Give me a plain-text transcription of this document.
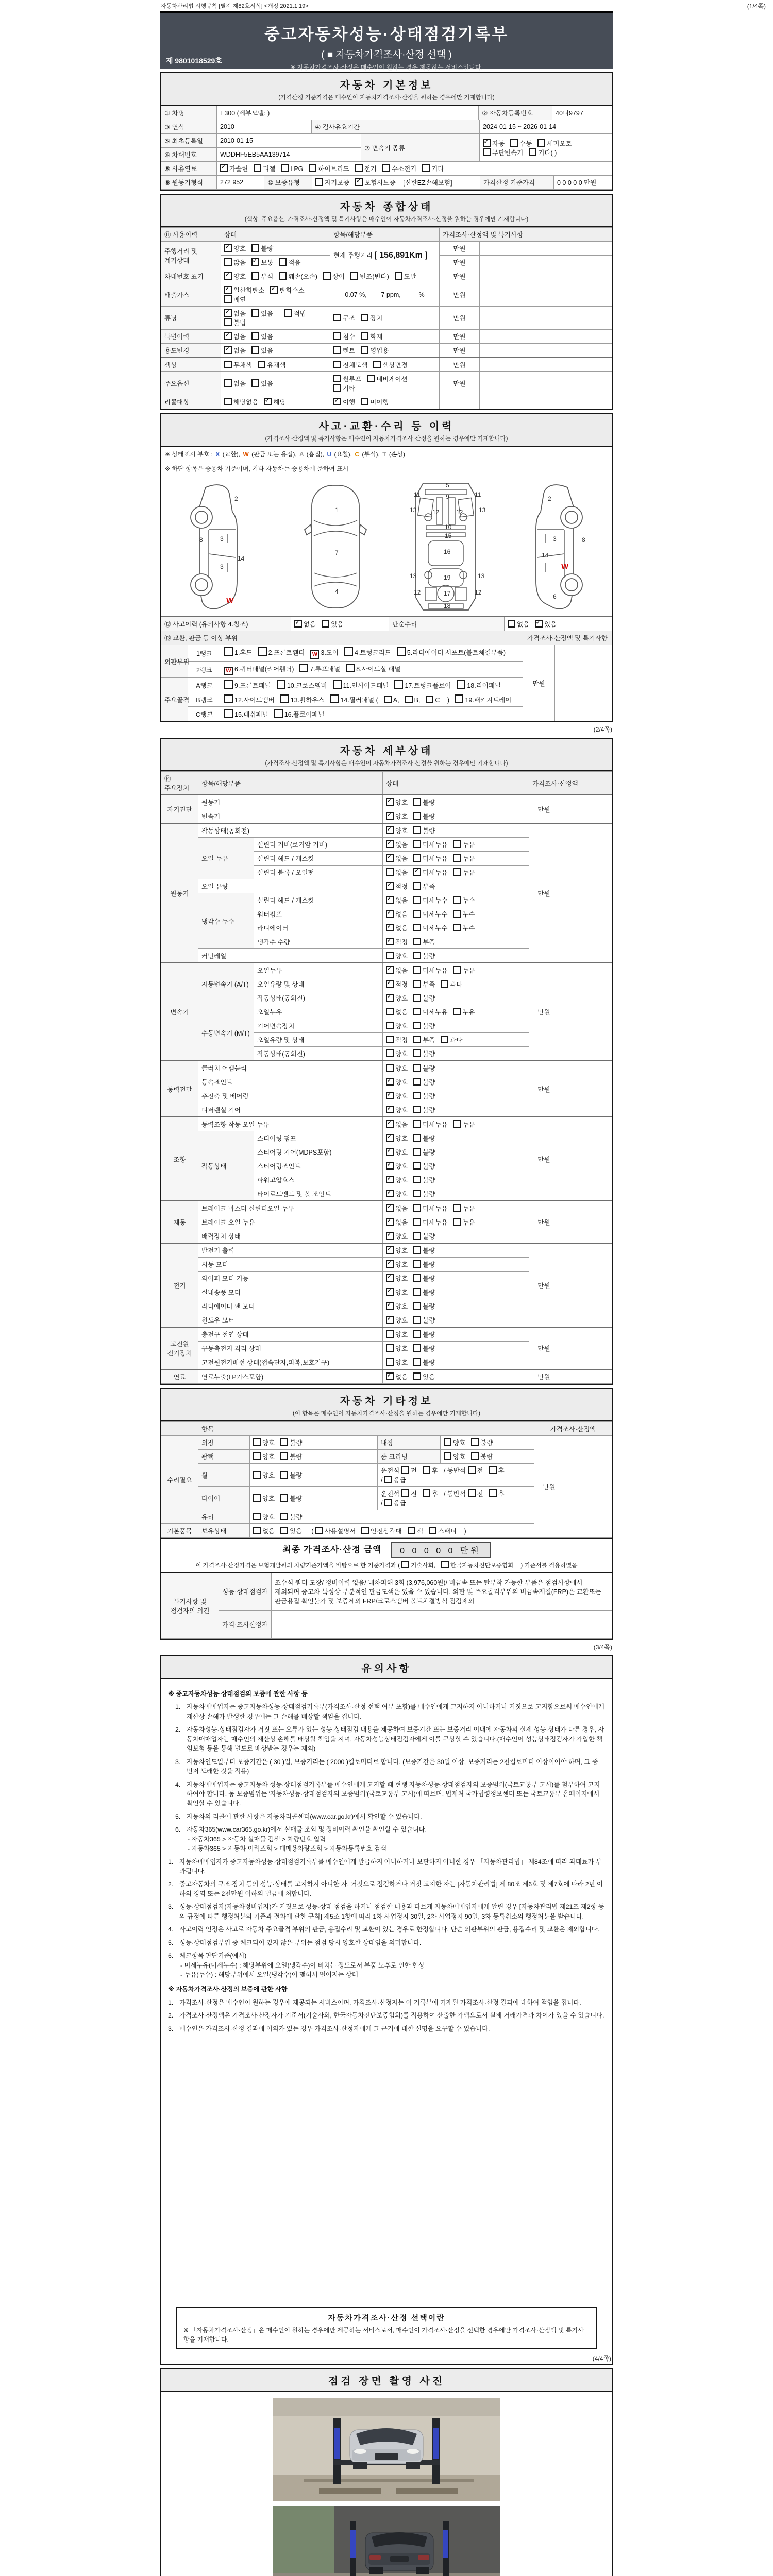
자동차관리법 시행규칙 [별지 제82호서식] <개정 2021.1.19>	(1/4쪽)
중고자동차성능·상태점검기록부
( ■ 자동차가격조사·산정 선택 )
※ 자동차가격조사·산정은 매수인이 원하는 경우 제공하는 서비스입니다.
제 9801018529호
자동차 기본정보
(가격산정 기준가격은 매수인이 자동차가격조사·산정을 원하는 경우에만 기재합니다)
① 차명	E300 (세부모델: )	② 자동차등록번호	40너9797
③ 연식	2010	④ 검사유효기간	2024-01-15 ~ 2026-01-14
⑤ 최초등록일	2010-01-15	⑦ 변속기 종류	✓자동 수동 세미오토무단변속기 기타( )
⑥ 차대번호	WDDHF5EB5AA139714		
⑧ 사용연료	✓가솔린 디젤 LPG 하이브리드 전기 수소전기 기타
⑨ 원동기형식	272 952	⑩ 보증유형	자기보증 ✓ 보험사보증 [신한EZ손해보험]	가격산정 기준가격	0 0 0 0 0 만원
자동차 종합상태
(색상, 주요옵션, 가격조사·산정액 및 특기사항은 매수인이 자동차가격조사·산정을 원하는 경우에만 기재합니다)
⑪ 사용이력	상태	항목/해당부품	가격조사·산정액 및 특기사항	
주행거리 및 계기상태	✓양호 불량	현재 주행거리 [ 156,891Km ]	만원	
	많음 ✓ 보통 적음		만원	
차대번호 표기	✓양호 부식 훼손(오손) 상이 변조(변타) 도말		만원	
배출가스	✓일산화탄소 ✓ 탄화수소매연	0.07 %,        7 ppm,          %	만원	
튜닝	✓없음 있음 적법불법	구조 장치	만원	
특별이력	✓없음 있음	침수 화재	만원	
용도변경	✓없음 있음	렌트 영업용	만원	
색상	무채색 유채색	전체도색 색상변경	만원	
주요옵션	없음 있음	썬루프 네비게이션기타	만원	
리콜대상	해당없음 ✓ 해당	✓이행 미이행		
사고·교환·수리 등 이력
(가격조사·산정액 및 특기사항은 매수인이 자동차가격조사·산정을 원하는 경우에만 기재합니다)
※ 상태표시 부호 : X (교환), W (판금 또는 용접), A (흠집), U (요철), C (부식), T (손상)
※ 하단 항목은 승용차 기준이며, 기타 자동차는 승용차에 준하여 표시
2
8	3
3
14
W
1
7
4
5
9
11	11
13	13
12	12
10
15
16
13	13
19
12	12
17
18
2
3	8
14
W
6
⑫ 사고이력 (유의사항 4.참조)	✓없음 있음	단순수리	없음 ✓ 있음
⑬ 교환, 판금 등 이상 부위			가격조사·산정액 및 특기사항	
외판부위	1랭크	1.후드 2.프론트휀더 W 3.도어 4.트렁크리드 5.라디에이터 서포트(볼트체결부품)	만원	
	2랭크	W 6.쿼터패널(리어휀더) 7.루프패널 8.사이드실 패널		
주요골격	A랭크	9.프론트패널 10.크로스멤버 11.인사이드패널 17.트렁크플로어 18.리어패널		
	B랭크	12.사이드멤버 13.휠하우스 14.필러패널 ( A, B, C )   19.패키지트레이		
	C랭크	15.대쉬패널 16.플로어패널		
(2/4쪽)
자동차 세부상태
(가격조사·산정액 및 특기사항은 매수인이 자동차가격조사·산정을 원하는 경우에만 기재합니다)
⑭ 주요장치	항목/해당부품		상태	가격조사·산정액	
자기진단	원동기	✓양호 불량	만원	
	변속기	✓양호 불량
원동기	작동상태(공회전)	✓양호 불량	만원	
	오일 누유	실린더 커버(로커암 커버)	✓없음 미세누유 누유
		실린더 헤드 / 개스킷	✓없음 미세누유 누유
		실린더 블록 / 오일팬	없음 ✓ 미세누유 누유
	오일 유량	✓적정 부족
	냉각수 누수	실린더 헤드 / 개스킷	✓없음 미세누수 누수
		워터펌프	✓없음 미세누수 누수
		라디에이터	✓없음 미세누수 누수
		냉각수 수량	✓적정 부족
	커먼레일		양호 불량		
변속기	자동변속기 (A/T)	오일누유	✓없음 미세누유 누유	만원	
		오일유량 및 상태	✓적정 부족 과다
		작동상태(공회전)	✓양호 불량
	수동변속기 (M/T)	오일누유	없음 미세누유 누유		
		기어변속장치	양호 불량		
		오일유량 및 상태	적정 부족 과다		
		작동상태(공회전)	양호 불량		
동력전달	클러치 어셈블리		양호 불량	만원	
	등속죠인트	✓양호 불량
	추진축 및 베어링	✓양호 불량
	디퍼렌셜 기어	✓양호 불량
조향	동력조향 작동 오일 누유	✓없음 미세누유 누유	만원	
	작동상태	스티어링 펌프	✓양호 불량
		스티어링 기어(MDPS포함)	✓양호 불량
		스티어링조인트	✓양호 불량
		파워고압호스	✓양호 불량
		타이로드엔드 및 볼 조인트	✓양호 불량
제동	브레이크 마스터 실린더오일 누유	✓없음 미세누유 누유	만원	
	브레이크 오일 누유	✓없음 미세누유 누유
	배력장치 상태	✓양호 불량
전기	발전기 출력	✓양호 불량	만원	
	시동 모터	✓양호 불량
	와이퍼 모터 기능	✓양호 불량
	실내송풍 모터	✓양호 불량
	라디에이터 팬 모터	✓양호 불량
	윈도우 모터	✓양호 불량
고전원 전기장치	충전구 절연 상태		양호 불량	만원	
	구동축전지 격리 상태		양호 불량		
	고전원전기배선 상태(접속단자,피복,보호기구)		양호 불량		
연료	연료누출(LP가스포함)	✓없음 있음	만원	
자동차 기타정보
(이 항목은 매수인이 자동차가격조사·산정을 원하는 경우에만 기재합니다)
	항목				가격조사·산정액	
수리필요	외장	양호 불량	내장	양호 불량	만원	
	광택	양호 불량	룸 크리닝	양호 불량		
	휠	양호 불량	운전석 전 후 / 동반석 전 후/ 응급			
	타이어	양호 불량	운전석 전 후 / 동반석 전 후/ 응급			
	유리	양호 불량				
기본품목	보유상태	없음 있음  ( 사용설명서 안전삼각대 잭 스패너 )				
최종 가격조사·산정 금액 0 0 0 0 0 만원
이 가격조사·산정가격은 보험개발원의 차량기준가액을 바탕으로 한 기준가격과 ( 기술사회,	한국자동차진단보증협회 ) 기준서를 적용하였음
특기사항 및 점검자의 의견	성능·상태점검자	조수석 쿼터 도장/ 정비이력 없음/ 내차피해 3회 (3,976,060원)/ 비금속 또는 탈부착 가능한 부품은 점검사항에서 제외되며 중고차 특성상 부분적인 판금도색은 있을 수 있습니다. 외판 및 주요골격부위의 비금속재질(FRP)은 교환또는 판금용접 확인불가 및 보증제외 FRP/크로스멤버 볼트체결방식 점검제외
	가격·조사산정자	
(3/4쪽)
유의사항
※ 중고자동차성능·상태점검의 보증에 관한 사항 등
1. 자동차매매업자는 중고자동차성능·상태점검기록부(가격조사·산정 선택 여부 포함)를 매수인에게 고지하지 아니하거나 거짓으로 고지함으로써 매수인에게 재산상 손해가 발생한 경우에는 그 손해를 배상할 책임을 집니다.
2. 자동차성능·상태점검자가 거짓 또는 오류가 있는 성능·상태점검 내용을 제공하여 보증기간 또는 보증거리 이내에 자동차의 실제 성능·상태가 다른 경우, 자동차매매업자는 매수인의 재산상 손해를 배상할 책임을 지며, 자동차성능상태점검자에게 이를 구상할 수 있습니다.(매수인이 성능상태점검자가 가입한 책임보험 등을 통해 별도로 배상받는 경우는 제외)
3. 자동차인도일부터 보증기간은 ( 30 )일, 보증거리는 ( 2000 )킬로미터로 합니다. (보증기간은 30일 이상, 보증거리는 2천킬로미터 이상이어야 하며, 그 중 먼저 도래한 것을 적용)
4. 자동차매매업자는 중고자동차 성능·상태점검기록부를 매수인에게 고지할 때 현행 자동차성능·상태점검자의 보증범위(국토교통부 고시)를 첨부하여 고지하여야 합니다. 동 보증범위는 '자동차성능·상태점검자의 보증범위'(국토교통부 고시)에 따르며, 법제처 국가법령정보센터 또는 국토교통부 홈페이지에서 확인할 수 있습니다.
5. 자동차의 리콜에 관한 사항은 자동차리콜센터(www.car.go.kr)에서 확인할 수 있습니다.
6. 자동차365(www.car365.go.kr)에서 실매물 조회 및 정비이력 확인을 확인할 수 있습니다.
- 자동차365 > 자동차 실매물 검색 > 차량번호 입력
- 자동차365 > 자동차 이력조회 > 매매용차량조회 > 자동차등록번호 검색
1. 자동차매매업자가 중고자동차성능·상태점검기록부를 매수인에게 발급하지 아니하거나 보관하지 아니한 경우 「자동차관리법」 제84조에 따라 과태료가 부과됩니다.
2. 중고자동차의 구조·장치 등의 성능·상태를 고지하지 아니한 자, 거짓으로 점검하거나 거짓 고지한 자는 [자동차관리법] 제 80조 제6호 및 제7호에 따라 2년 이하의 징역 또는 2천만원 이하의 벌금에 처합니다.
3. 성능·상태점검자(자동차정비업자)가 거짓으로 성능·상태 점검을 하거나 점검한 내용과 다르게 자동차매매업자에게 알린 경우 [자동차관리법 제21조 제2항 등의 규정에 따른 행정처분의 기준과 절차에 관한 규칙] 제5조 1항에 따라 1차 사업정지 30일, 2차 사업정지 90일, 3차 등록취소의 행정처분을 받습니다.
4. 사고이력 인정은 사고로 자동차 주요골격 부위의 판금, 용접수리 및 교환이 있는 경우로 한정합니다. 단순 외판부위의 판금, 용접수리 및 교환은 제외합니다.
5. 성능·상태점검부위 중 체크되어 있지 않은 부위는 점검 당시 양호한 상태임을 의미합니다.
6. 체크항목 판단기준(예시)
- 미세누유(미세누수) : 해당부위에 오일(냉각수)이 비치는 정도로서 부품 노후로 인한 현상
- 누유(누수) : 해당부위에서 오일(냉각수)이 맺혀서 떨어지는 상태
※ 자동차가격조사·산정의 보증에 관한 사항
1. 가격조사·산정은 매수인이 원하는 경우에 제공되는 서비스이며, 가격조사·산정자는 이 기록부에 기재된 가격조사·산정 결과에 대하여 책임을 집니다.
2. 가격조사·산정액은 가격조사·산정자가 기준서(기술사회, 한국자동차진단보증협회)를 적용하여 산출한 가액으로서 실제 거래가격과 차이가 있을 수 있습니다.
3. 매수인은 가격조사·산정 결과에 이의가 있는 경우 가격조사·산정자에게 그 근거에 대한 설명을 요구할 수 있습니다.
자동차가격조사·산정 선택이란
※ 「자동차가격조사·산정」은 매수인이 원하는 경우에만 제공하는 서비스로서, 매수인이 가격조사·산정을 선택한 경우에만 가격조사·산정액 및 특기사항을 기재합니다.
(4/4쪽)
점검 장면 촬영 사진
